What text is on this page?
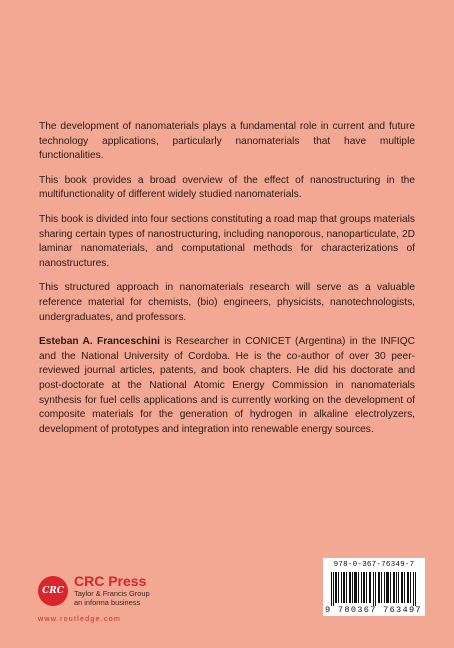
The development of nanomaterials plays a fundamental role in current and future technology applications, particularly nanomaterials that have multiple functionalities.

This book provides a broad overview of the effect of nanostructuring in the multifunctionality of different widely studied nanomaterials.

This book is divided into four sections constituting a road map that groups materials sharing certain types of nanostructuring, including nanoporous, nanoparticulate, 2D laminar nanomaterials, and computational methods for characterizations of nanostructures.

This structured approach in nanomaterials research will serve as a valuable reference material for chemists, (bio) engineers, physicists, nanotechnologists, undergraduates, and professors.

Esteban A. Franceschini is Researcher in CONICET (Argentina) in the INFIQC and the National University of Cordoba. He is the co-author of over 30 peer-reviewed journal articles, patents, and book chapters. He did his doctorate and post-doctorate at the National Atomic Energy Commission in nanomaterials synthesis for fuel cells applications and is currently working on the development of composite materials for the generation of hydrogen in alkaline electrolyzers, development of prototypes and integration into renewable energy sources.

CRC
CRC Press
Taylor & Francis Group
an informa business
www.routledge.com
978-0-367-76349-7
9 780367 763497
